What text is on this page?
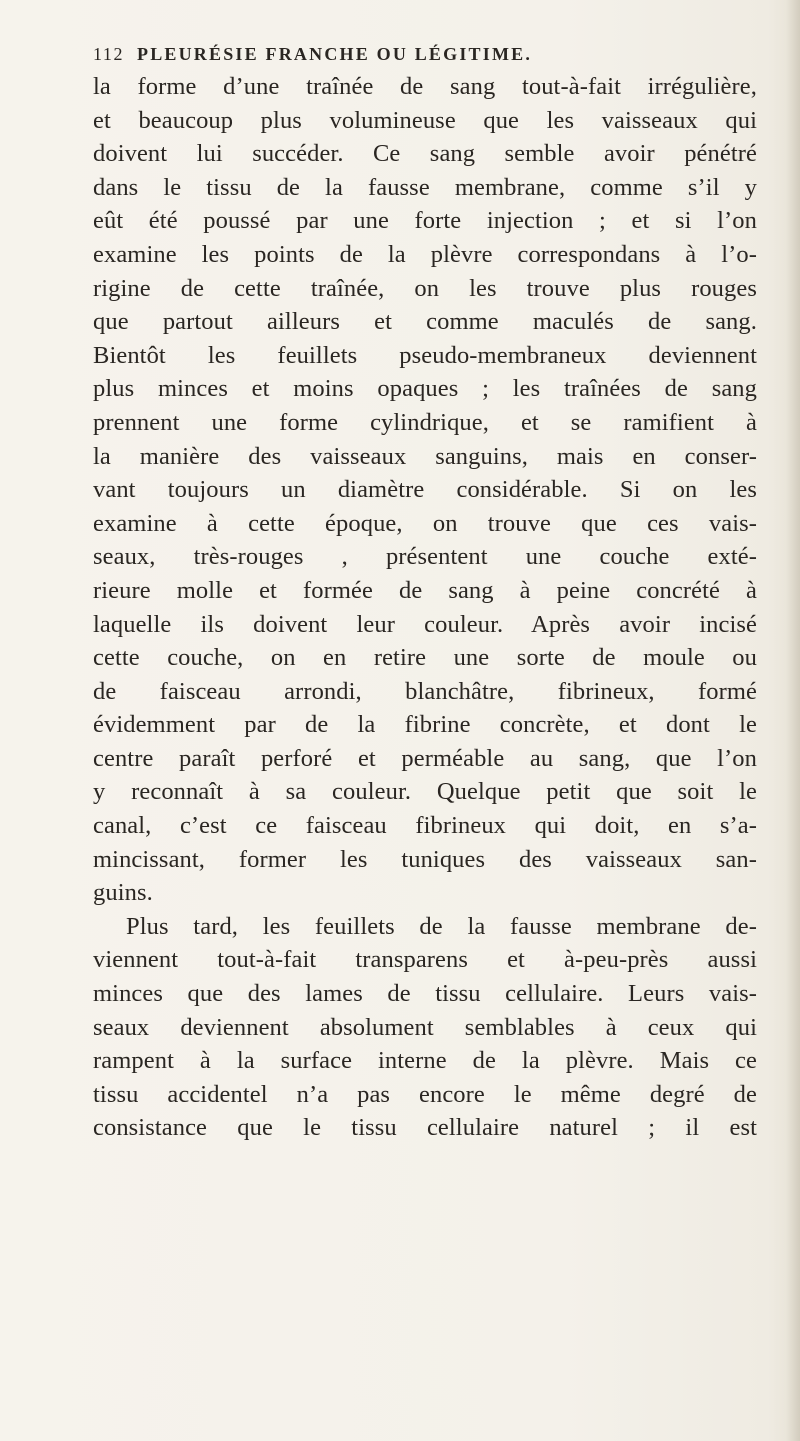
112 PLEURÉSIE FRANCHE OU LÉGITIME.
la forme d’une traînée de sang tout-à-fait irrégulière,
et beaucoup plus volumineuse que les vaisseaux qui
doivent lui succéder. Ce sang semble avoir pénétré
dans le tissu de la fausse membrane, comme s’il y
eût été poussé par une forte injection ; et si l’on
examine les points de la plèvre correspondans à l’o-
rigine de cette traînée, on les trouve plus rouges
que partout ailleurs et comme maculés de sang.
Bientôt les feuillets pseudo-membraneux deviennent
plus minces et moins opaques ; les traînées de sang
prennent une forme cylindrique, et se ramifient à
la manière des vaisseaux sanguins, mais en conser-
vant toujours un diamètre considérable. Si on les
examine à cette époque, on trouve que ces vais-
seaux, très-rouges , présentent une couche exté-
rieure molle et formée de sang à peine concrété à
laquelle ils doivent leur couleur. Après avoir incisé
cette couche, on en retire une sorte de moule ou
de faisceau arrondi, blanchâtre, fibrineux, formé
évidemment par de la fibrine concrète, et dont le
centre paraît perforé et perméable au sang, que l’on
y reconnaît à sa couleur. Quelque petit que soit le
canal, c’est ce faisceau fibrineux qui doit, en s’a-
mincissant, former les tuniques des vaisseaux san-
guins.
Plus tard, les feuillets de la fausse membrane de-
viennent tout-à-fait transparens et à-peu-près aussi
minces que des lames de tissu cellulaire. Leurs vais-
seaux deviennent absolument semblables à ceux qui
rampent à la surface interne de la plèvre. Mais ce
tissu accidentel n’a pas encore le même degré de
consistance que le tissu cellulaire naturel ; il est
